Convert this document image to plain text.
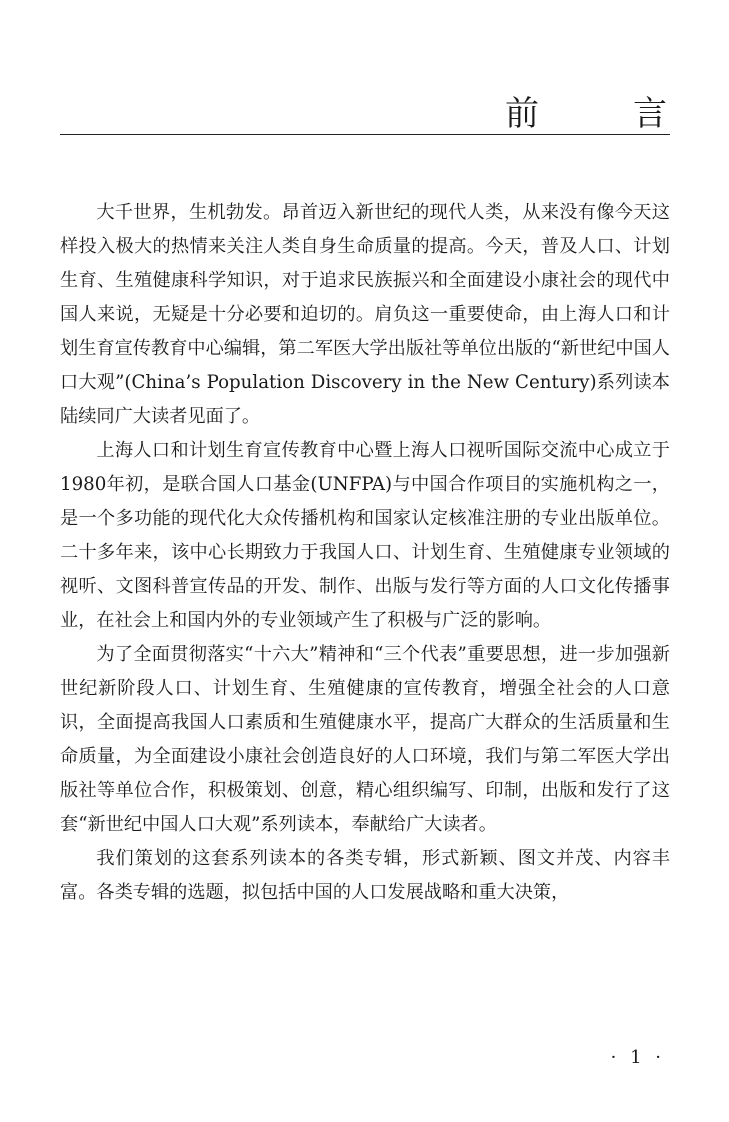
前　言

大千世界，生机勃发。昂首迈入新世纪的现代人类，从来没有像今天这样投入极大的热情来关注人类自身生命质量的提高。今天，普及人口、计划生育、生殖健康科学知识，对于追求民族振兴和全面建设小康社会的现代中国人来说，无疑是十分必要和迫切的。肩负这一重要使命，由上海人口和计划生育宣传教育中心编辑，第二军医大学出版社等单位出版的“新世纪中国人口大观”(China’s Population Discovery in the New Century)系列读本陆续同广大读者见面了。

上海人口和计划生育宣传教育中心暨上海人口视听国际交流中心成立于1980年初，是联合国人口基金(UNFPA)与中国合作项目的实施机构之一，是一个多功能的现代化大众传播机构和国家认定核准注册的专业出版单位。二十多年来，该中心长期致力于我国人口、计划生育、生殖健康专业领域的视听、文图科普宣传品的开发、制作、出版与发行等方面的人口文化传播事业，在社会上和国内外的专业领域产生了积极与广泛的影响。

为了全面贯彻落实“十六大”精神和“三个代表”重要思想，进一步加强新世纪新阶段人口、计划生育、生殖健康的宣传教育，增强全社会的人口意识，全面提高我国人口素质和生殖健康水平，提高广大群众的生活质量和生命质量，为全面建设小康社会创造良好的人口环境，我们与第二军医大学出版社等单位合作，积极策划、创意，精心组织编写、印制，出版和发行了这套“新世纪中国人口大观”系列读本，奉献给广大读者。

我们策划的这套系列读本的各类专辑，形式新颖、图文并茂、内容丰富。各类专辑的选题，拟包括中国的人口发展战略和重大决策，

· 1 ·
